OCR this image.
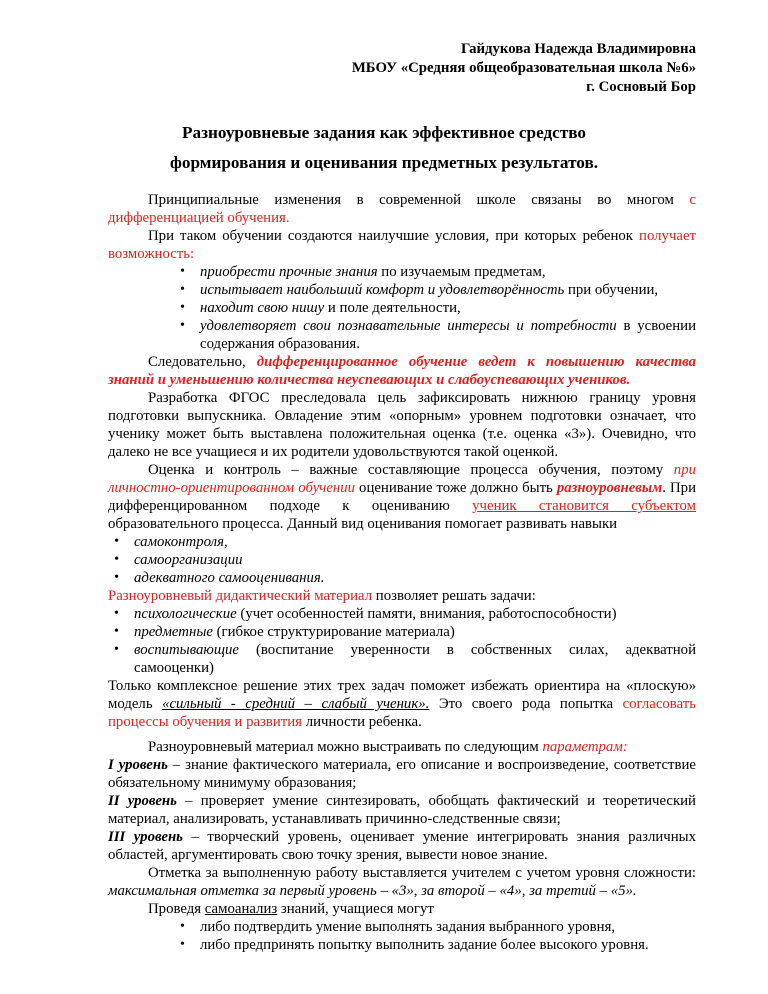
Гайдукова Надежда Владимировна
МБОУ «Средняя общеобразовательная школа №6»
г. Сосновый Бор
Разноуровневые задания как эффективное средство
формирования и оценивания предметных результатов.

Принципиальные изменения в современной школе связаны во многом с дифференциацией обучения.

При таком обучении создаются наилучшие условия, при которых ребенок получает возможность:

• приобрести прочные знания по изучаемым предметам,
• испытывает наибольший комфорт и удовлетворённость при обучении,
• находит свою нишу и поле деятельности,
• удовлетворяет свои познавательные интересы и потребности в усвоении содержания образования.

Следовательно, дифференцированное обучение ведет к повышению качества знаний и уменьшению количества неуспевающих и слабоуспевающих учеников.

Разработка ФГОС преследовала цель зафиксировать нижнюю границу уровня подготовки выпускника. Овладение этим «опорным» уровнем подготовки означает, что ученику может быть выставлена положительная оценка (т.е. оценка «3»). Очевидно, что далеко не все учащиеся и их родители удовольствуются такой оценкой.

Оценка и контроль – важные составляющие процесса обучения, поэтому при личностно-ориентированном обучении оценивание тоже должно быть разноуровневым. При дифференцированном подходе к оцениванию ученик становится субъектом образовательного процесса. Данный вид оценивания помогает развивать навыки

• самоконтроля,
• самоорганизации
• адекватного самооценивания.

Разноуровневый дидактический материал позволяет решать задачи:

• психологические (учет особенностей памяти, внимания, работоспособности)
• предметные (гибкое структурирование материала)
• воспитывающие (воспитание уверенности в собственных силах, адекватной самооценки)

Только комплексное решение этих трех задач поможет избежать ориентира на «плоскую» модель «сильный - средний – слабый ученик». Это своего рода попытка согласовать процессы обучения и развития личности ребенка.

Разноуровневый материал можно выстраивать по следующим параметрам:

I уровень – знание фактического материала, его описание и воспроизведение, соответствие обязательному минимуму образования;

II уровень – проверяет умение синтезировать, обобщать фактический и теоретический материал, анализировать, устанавливать причинно-следственные связи;

III уровень – творческий уровень, оценивает умение интегрировать знания различных областей, аргументировать свою точку зрения, вывести новое знание.

Отметка за выполненную работу выставляется учителем с учетом уровня сложности: максимальная отметка за первый уровень – «3», за второй – «4», за третий – «5».

Проведя самоанализ знаний, учащиеся могут

• либо подтвердить умение выполнять задания выбранного уровня,
• либо предпринять попытку выполнить задание более высокого уровня.
